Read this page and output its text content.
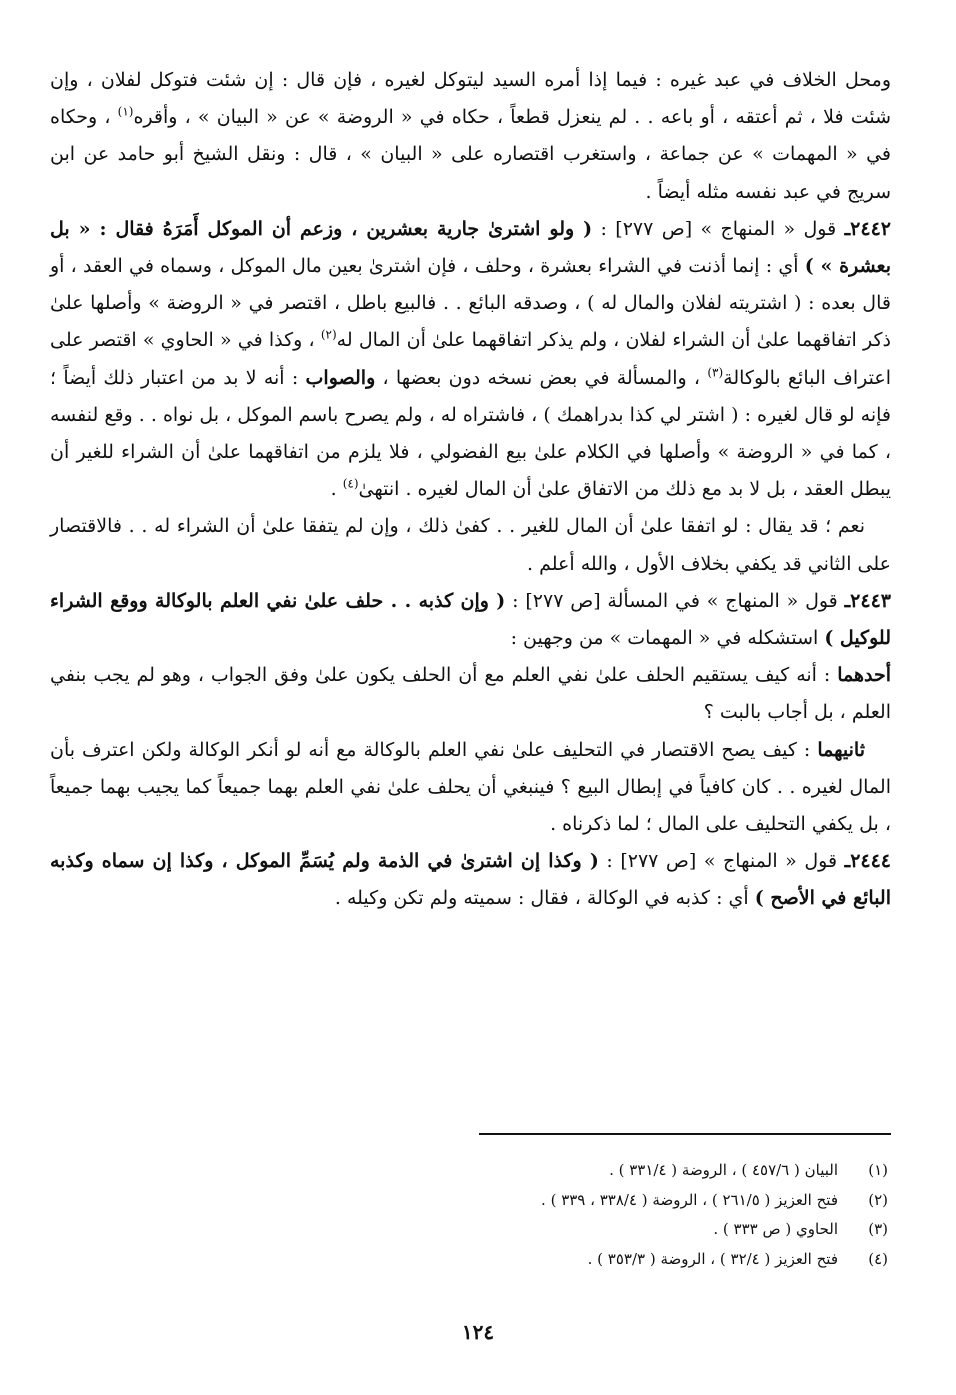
ومحل الخلاف في عبد غيره : فيما إذا أمره السيد ليتوكل لغيره ، فإن قال : إن شئت فتوكل لفلان ، وإن شئت فلا ، ثم أعتقه ، أو باعه . . لم ينعزل قطعاً ، حكاه في « الروضة » عن « البيان » ، وأقره$^{(١)}$ ، وحكاه في « المهمات » عن جماعة ، واستغرب اقتصاره على « البيان » ، قال : ونقل الشيخ أبو حامد عن ابن سريج في عبد نفسه مثله أيضاً .

٢٤٤٢ـ قول « المنهاج » [ص ٢٧٧] : ( ولو اشترىٰ جارية بعشرين ، وزعم أن الموكل أَمَرَهُ فقال : « بل بعشرة » ) أي : إنما أذنت في الشراء بعشرة ، وحلف ، فإن اشترىٰ بعين مال الموكل ، وسماه في العقد ، أو قال بعده : ( اشتريته لفلان والمال له ) ، وصدقه البائع . . فالبيع باطل ، اقتصر في « الروضة » وأصلها علىٰ ذكر اتفاقهما علىٰ أن الشراء لفلان ، ولم يذكر اتفاقهما علىٰ أن المال له$^{(٢)}$ ، وكذا في « الحاوي » اقتصر على اعتراف البائع بالوكالة$^{(٣)}$ ، والمسألة في بعض نسخه دون بعضها ، والصواب : أنه لا بد من اعتبار ذلك أيضاً ؛ فإنه لو قال لغيره : ( اشتر لي كذا بدراهمك ) ، فاشتراه له ، ولم يصرح باسم الموكل ، بل نواه . . وقع لنفسه ، كما في « الروضة » وأصلها في الكلام علىٰ بيع الفضولي ، فلا يلزم من اتفاقهما علىٰ أن الشراء للغير أن يبطل العقد ، بل لا بد مع ذلك من الاتفاق علىٰ أن المال لغيره . انتهىٰ$^{(٤)}$ .

نعم ؛ قد يقال : لو اتفقا علىٰ أن المال للغير . . كفىٰ ذلك ، وإن لم يتفقا علىٰ أن الشراء له . . فالاقتصار على الثاني قد يكفي بخلاف الأول ، والله أعلم .

٢٤٤٣ـ قول « المنهاج » في المسألة [ص ٢٧٧] : ( وإن كذبه . . حلف علىٰ نفي العلم بالوكالة ووقع الشراء للوكيل ) استشكله في « المهمات » من وجهين :

أحدهما : أنه كيف يستقيم الحلف علىٰ نفي العلم مع أن الحلف يكون علىٰ وفق الجواب ، وهو لم يجب بنفي العلم ، بل أجاب بالبت ؟

ثانيهما : كيف يصح الاقتصار في التحليف علىٰ نفي العلم بالوكالة مع أنه لو أنكر الوكالة ولكن اعترف بأن المال لغيره . . كان كافياً في إبطال البيع ؟ فينبغي أن يحلف علىٰ نفي العلم بهما جميعاً كما يجيب بهما جميعاً ، بل يكفي التحليف على المال ؛ لما ذكرناه .

٢٤٤٤ـ قول « المنهاج » [ص ٢٧٧] : ( وكذا إن اشترىٰ في الذمة ولم يُسَمِّ الموكل ، وكذا إن سماه وكذبه البائع في الأصح ) أي : كذبه في الوكالة ، فقال : سميته ولم تكن وكيله .

(١)البيان ( ٤٥٧/٦ ) ، الروضة ( ٣٣١/٤ ) .
(٢)فتح العزيز ( ٢٦١/٥ ) ، الروضة ( ٣٣٨/٤ ، ٣٣٩ ) .
(٣)الحاوي ( ص ٣٣٣ ) .
(٤)فتح العزيز ( ٣٢/٤ ) ، الروضة ( ٣٥٣/٣ ) .
١٢٤
